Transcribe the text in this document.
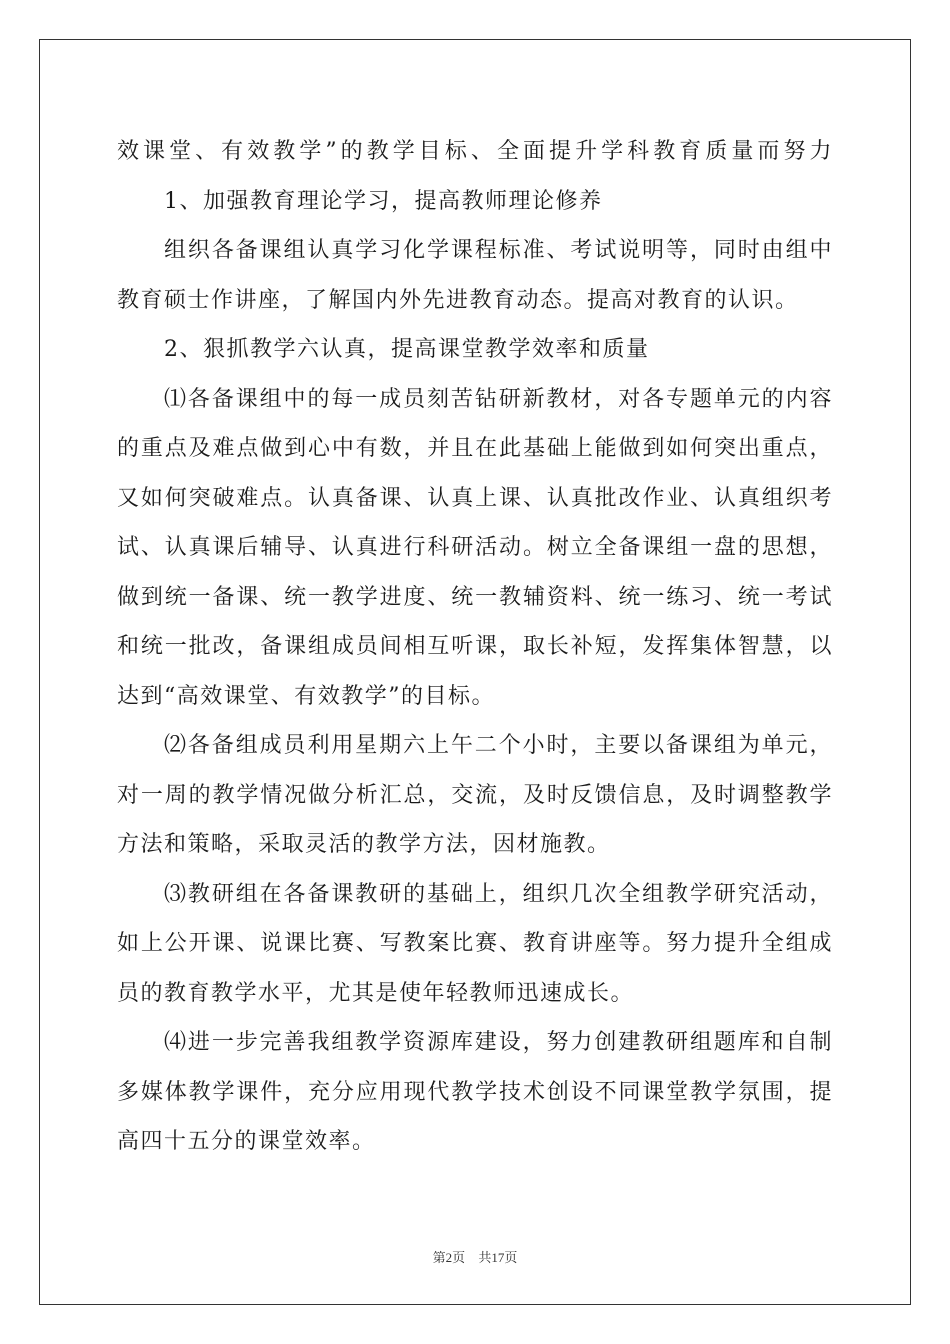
效课堂、有效教学”的教学目标、全面提升学科教育质量而努力
1、加强教育理论学习，提高教师理论修养
组织各备课组认真学习化学课程标准、考试说明等，同时由组中
教育硕士作讲座，了解国内外先进教育动态。提高对教育的认识。
2、狠抓教学六认真，提高课堂教学效率和质量
⑴各备课组中的每一成员刻苦钻研新教材，对各专题单元的内容
的重点及难点做到心中有数，并且在此基础上能做到如何突出重点，
又如何突破难点。认真备课、认真上课、认真批改作业、认真组织考
试、认真课后辅导、认真进行科研活动。树立全备课组一盘的思想，
做到统一备课、统一教学进度、统一教辅资料、统一练习、统一考试
和统一批改，备课组成员间相互听课，取长补短，发挥集体智慧，以
达到“高效课堂、有效教学”的目标。
⑵各备组成员利用星期六上午二个小时，主要以备课组为单元，
对一周的教学情况做分析汇总，交流，及时反馈信息，及时调整教学
方法和策略，采取灵活的教学方法，因材施教。
⑶教研组在各备课教研的基础上，组织几次全组教学研究活动，
如上公开课、说课比赛、写教案比赛、教育讲座等。努力提升全组成
员的教育教学水平，尤其是使年轻教师迅速成长。
⑷进一步完善我组教学资源库建设，努力创建教研组题库和自制
多媒体教学课件，充分应用现代教学技术创设不同课堂教学氛围，提
高四十五分的课堂效率。
第2页 共17页
